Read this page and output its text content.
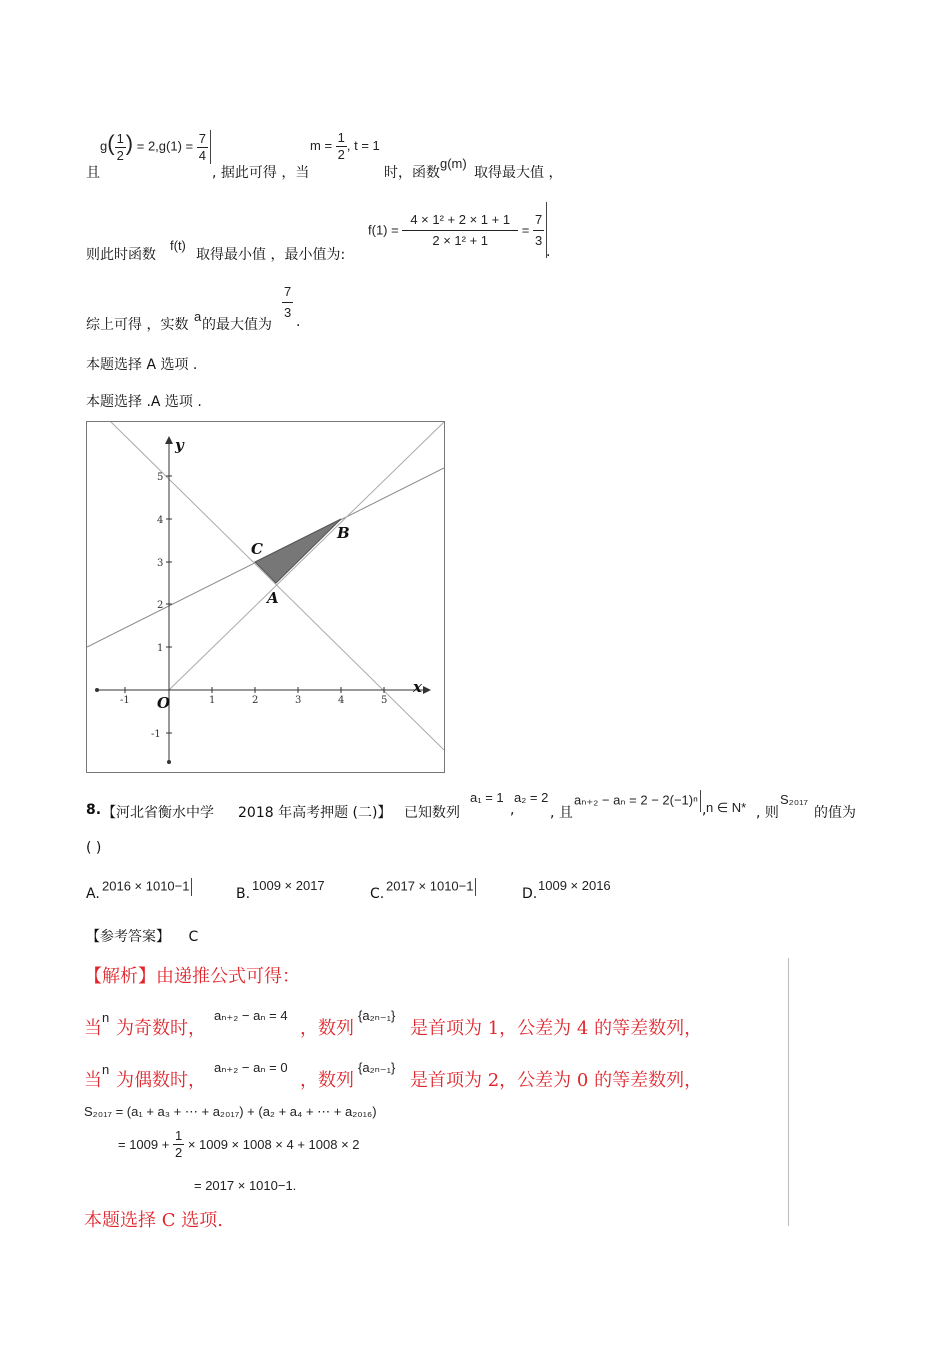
且
$g( \frac{1}{2}$ ) = $2,g(1) = \frac{7}{4}$
, 据此可得 ，当
$m = \frac{1}{2}$ , t = 1
时，函数
g(m)
取得最大值 ，
则此时函数
f(t)
取得最小值 ，最小值为:
$f(1) = \frac{\text{4 × 1² + 2 × 1 + 1}}{\text{2 × 1² + 1}} = \frac{7}{3}$
.
综上可得 ，实数
a
的最大值为
$\frac{7}{3}$ .
本题选择 A 选项 .
本题选择 .A 选项 .
-1	1	2	3	4	5
-1
1
2
3
4
5
x
y
O
A
B
C
8. 【河北省衡水中学 2018 年高考押题 (二)】 已知数列
a₁ = 1
,
a₂ = 2
, 且
aₙ₊₂ − aₙ = 2 − 2(−1)ⁿ
, n ∈ N* , 则
S₂₀₁₇
的值为
( )
A.
2016 × 1010−1
B.
1009 × 2017
C.
2017 × 1010−1
D.
1009 × 2016
【参考答案】 C
【解析】由递推公式可得：
当
n
为奇数时，
aₙ₊₂ − aₙ = 4
，数列
{a₂ₙ₋₁}
是首项为 1，公差为 4 的等差数列，
当
n
为偶数时，
aₙ₊₂ − aₙ = 0
，数列
{a₂ₙ₋₁}
是首项为 2，公差为 0 的等差数列，
S₂₀₁₇ = (a₁ + a₃ + ⋯ + a₂₀₁₇) + (a₂ + a₄ + ⋯ + a₂₀₁₆)
= $1009 + \frac{1}{2} \times 1009 \times 1008 \times 4 + 1008 \times 2$
= 2017 × 1010−1.
本题选择 C 选项.
